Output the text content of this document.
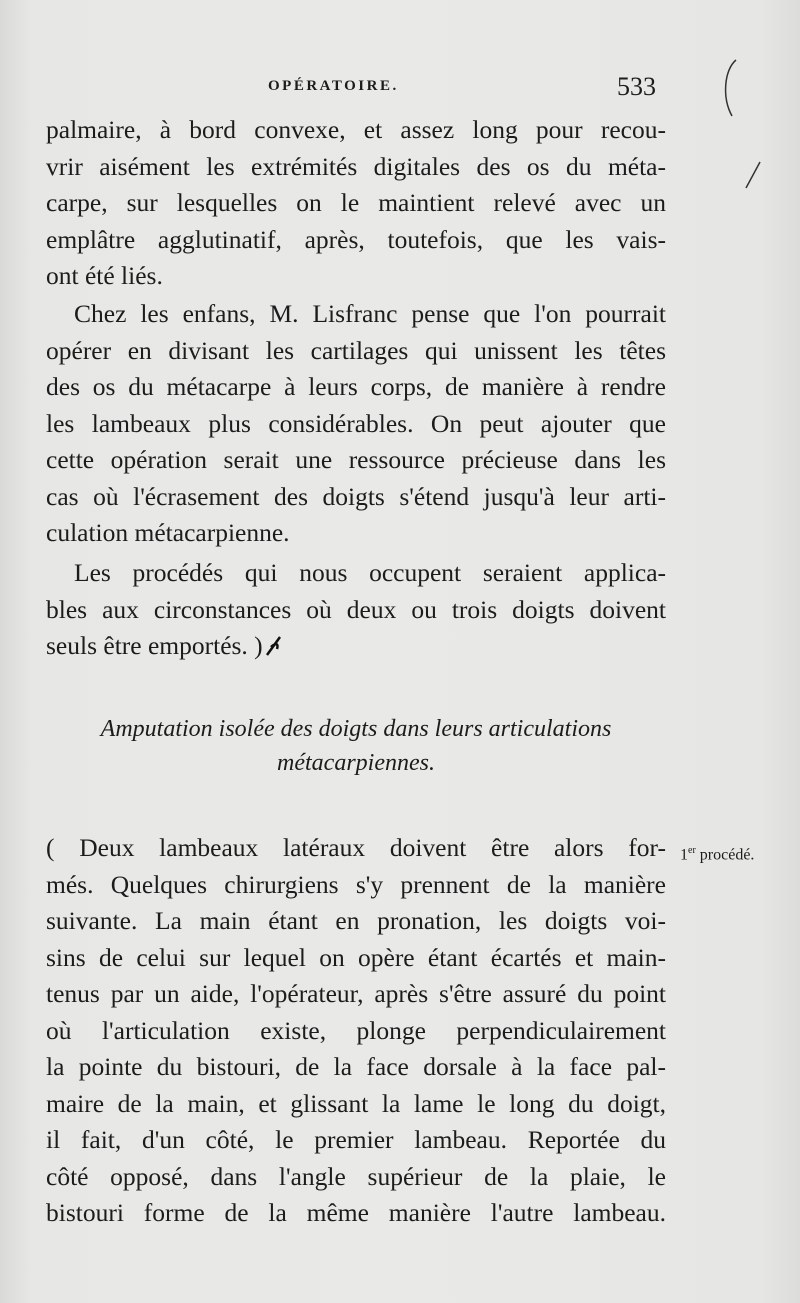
OPÉRATOIRE.	533
palmaire, à bord convexe, et assez long pour recou-
vrir aisément les extrémités digitales des os du méta-
carpe, sur lesquelles on le maintient relevé avec un
emplâtre agglutinatif, après, toutefois, que les vais-
ont été liés.
Chez les enfans, M. Lisfranc pense que l'on pourrait
opérer en divisant les cartilages qui unissent les têtes
des os du métacarpe à leurs corps, de manière à rendre
les lambeaux plus considérables. On peut ajouter que
cette opération serait une ressource précieuse dans les
cas où l'écrasement des doigts s'étend jusqu'à leur arti-
culation métacarpienne.
Les procédés qui nous occupent seraient applica-
bles aux circonstances où deux ou trois doigts doivent
seuls être emportés. )
Amputation isolée des doigts dans leurs articulations
métacarpiennes.
1er procédé.
( Deux lambeaux latéraux doivent être alors for-
més. Quelques chirurgiens s'y prennent de la manière
suivante. La main étant en pronation, les doigts voi-
sins de celui sur lequel on opère étant écartés et main-
tenus par un aide, l'opérateur, après s'être assuré du point
où l'articulation existe, plonge perpendiculairement
la pointe du bistouri, de la face dorsale à la face pal-
maire de la main, et glissant la lame le long du doigt,
il fait, d'un côté, le premier lambeau. Reportée du
côté opposé, dans l'angle supérieur de la plaie, le
bistouri forme de la même manière l'autre lambeau.
